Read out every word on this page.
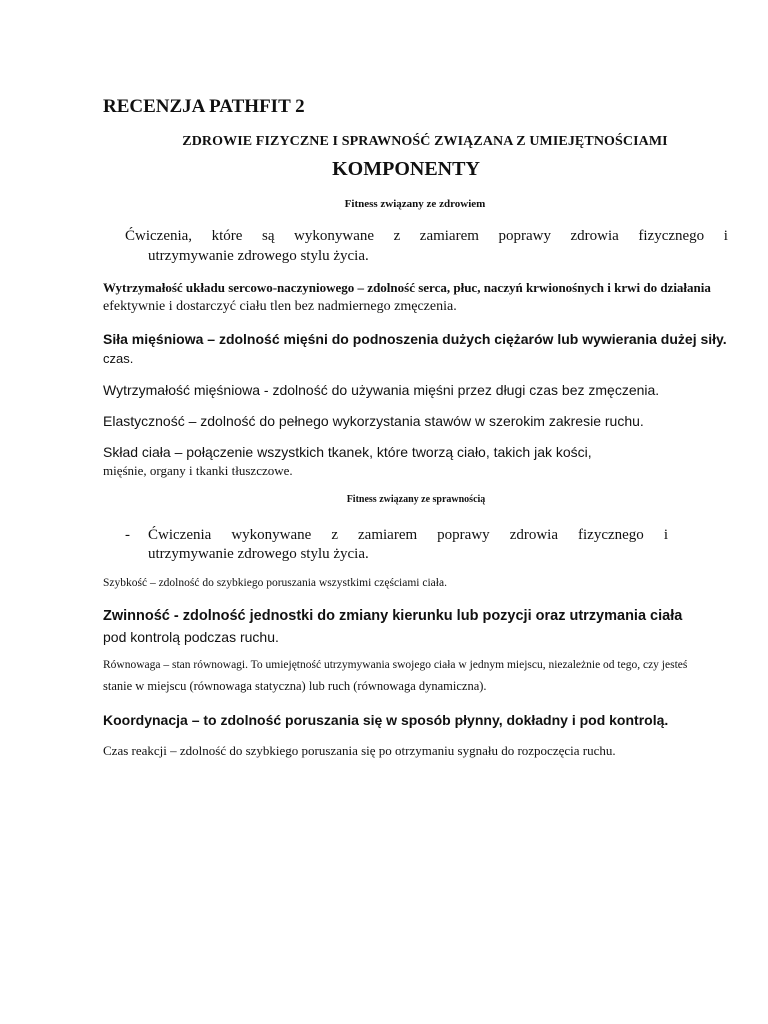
RECENZJA PATHFIT 2
ZDROWIE FIZYCZNE I SPRAWNOŚĆ ZWIĄZANA Z UMIEJĘTNOŚCIAMI
KOMPONENTY
Fitness związany ze zdrowiem
Ćwiczenia, które są wykonywane z zamiarem poprawy zdrowia fizycznego i
utrzymywanie zdrowego stylu życia.
Wytrzymałość układu sercowo-naczyniowego – zdolność serca, płuc, naczyń krwionośnych i krwi do działania
efektywnie i dostarczyć ciału tlen bez nadmiernego zmęczenia.
Siła mięśniowa – zdolność mięśni do podnoszenia dużych ciężarów lub wywierania dużej siły.
czas.
Wytrzymałość mięśniowa - zdolność do używania mięśni przez długi czas bez zmęczenia.
Elastyczność – zdolność do pełnego wykorzystania stawów w szerokim zakresie ruchu.
Skład ciała – połączenie wszystkich tkanek, które tworzą ciało, takich jak kości,
mięśnie, organy i tkanki tłuszczowe.
Fitness związany ze sprawnością
- Ćwiczenia wykonywane z zamiarem poprawy zdrowia fizycznego i
utrzymywanie zdrowego stylu życia.
Szybkość – zdolność do szybkiego poruszania wszystkimi częściami ciała.
Zwinność - zdolność jednostki do zmiany kierunku lub pozycji oraz utrzymania ciała
pod kontrolą podczas ruchu.
Równowaga – stan równowagi. To umiejętność utrzymywania swojego ciała w jednym miejscu, niezależnie od tego, czy jesteś
stanie w miejscu (równowaga statyczna) lub ruch (równowaga dynamiczna).
Koordynacja – to zdolność poruszania się w sposób płynny, dokładny i pod kontrolą.
Czas reakcji – zdolność do szybkiego poruszania się po otrzymaniu sygnału do rozpoczęcia ruchu.
